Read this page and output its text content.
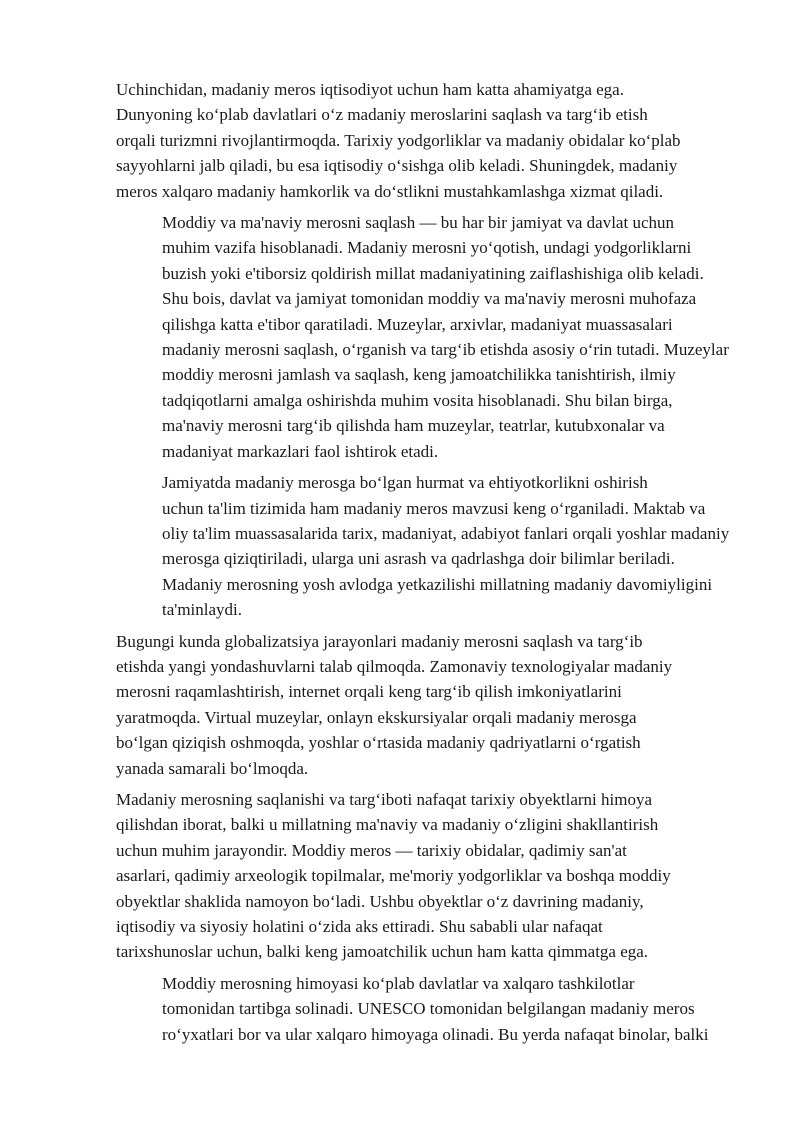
Uchinchidan, madaniy meros iqtisodiyot uchun ham katta ahamiyatga ega.
Dunyoning koʻplab davlatlari oʻz madaniy meroslarini saqlash va targʻib etish
orqali turizmni rivojlantirmoqda. Tarixiy yodgorliklar va madaniy obidalar koʻplab
sayyohlarni jalb qiladi, bu esa iqtisodiy oʻsishga olib keladi. Shuningdek, madaniy
meros xalqaro madaniy hamkorlik va doʻstlikni mustahkamlashga xizmat qiladi.

Moddiy va ma'naviy merosni saqlash — bu har bir jamiyat va davlat uchun
muhim vazifa hisoblanadi. Madaniy merosni yoʻqotish, undagi yodgorliklarni
buzish yoki e'tiborsiz qoldirish millat madaniyatining zaiflashishiga olib keladi.
Shu bois, davlat va jamiyat tomonidan moddiy va ma'naviy merosni muhofaza
qilishga katta e'tibor qaratiladi. Muzeylar, arxivlar, madaniyat muassasalari
madaniy merosni saqlash, oʻrganish va targʻib etishda asosiy oʻrin tutadi. Muzeylar
moddiy merosni jamlash va saqlash, keng jamoatchilikka tanishtirish, ilmiy
tadqiqotlarni amalga oshirishda muhim vosita hisoblanadi. Shu bilan birga,
ma'naviy merosni targʻib qilishda ham muzeylar, teatrlar, kutubxonalar va
madaniyat markazlari faol ishtirok etadi.

Jamiyatda madaniy merosga boʻlgan hurmat va ehtiyotkorlikni oshirish
uchun ta'lim tizimida ham madaniy meros mavzusi keng oʻrganiladi. Maktab va
oliy ta'lim muassasalarida tarix, madaniyat, adabiyot fanlari orqali yoshlar madaniy
merosga qiziqtiriladi, ularga uni asrash va qadrlashga doir bilimlar beriladi.
Madaniy merosning yosh avlodga yetkazilishi millatning madaniy davomiyligini
ta'minlaydi.

Bugungi kunda globalizatsiya jarayonlari madaniy merosni saqlash va targʻib
etishda yangi yondashuvlarni talab qilmoqda. Zamonaviy texnologiyalar madaniy
merosni raqamlashtirish, internet orqali keng targʻib qilish imkoniyatlarini
yaratmoqda. Virtual muzeylar, onlayn ekskursiyalar orqali madaniy merosga
boʻlgan qiziqish oshmoqda, yoshlar oʻrtasida madaniy qadriyatlarni oʻrgatish
yanada samarali boʻlmoqda.

Madaniy merosning saqlanishi va targʻiboti nafaqat tarixiy obyektlarni himoya
qilishdan iborat, balki u millatning ma'naviy va madaniy oʻzligini shakllantirish
uchun muhim jarayondir. Moddiy meros — tarixiy obidalar, qadimiy san'at
asarlari, qadimiy arxeologik topilmalar, me'moriy yodgorliklar va boshqa moddiy
obyektlar shaklida namoyon boʻladi. Ushbu obyektlar oʻz davrining madaniy,
iqtisodiy va siyosiy holatini oʻzida aks ettiradi. Shu sababli ular nafaqat
tarixshunoslar uchun, balki keng jamoatchilik uchun ham katta qimmatga ega.

Moddiy merosning himoyasi koʻplab davlatlar va xalqaro tashkilotlar
tomonidan tartibga solinadi. UNESCO tomonidan belgilangan madaniy meros
roʻyxatlari bor va ular xalqaro himoyaga olinadi. Bu yerda nafaqat binolar, balki
